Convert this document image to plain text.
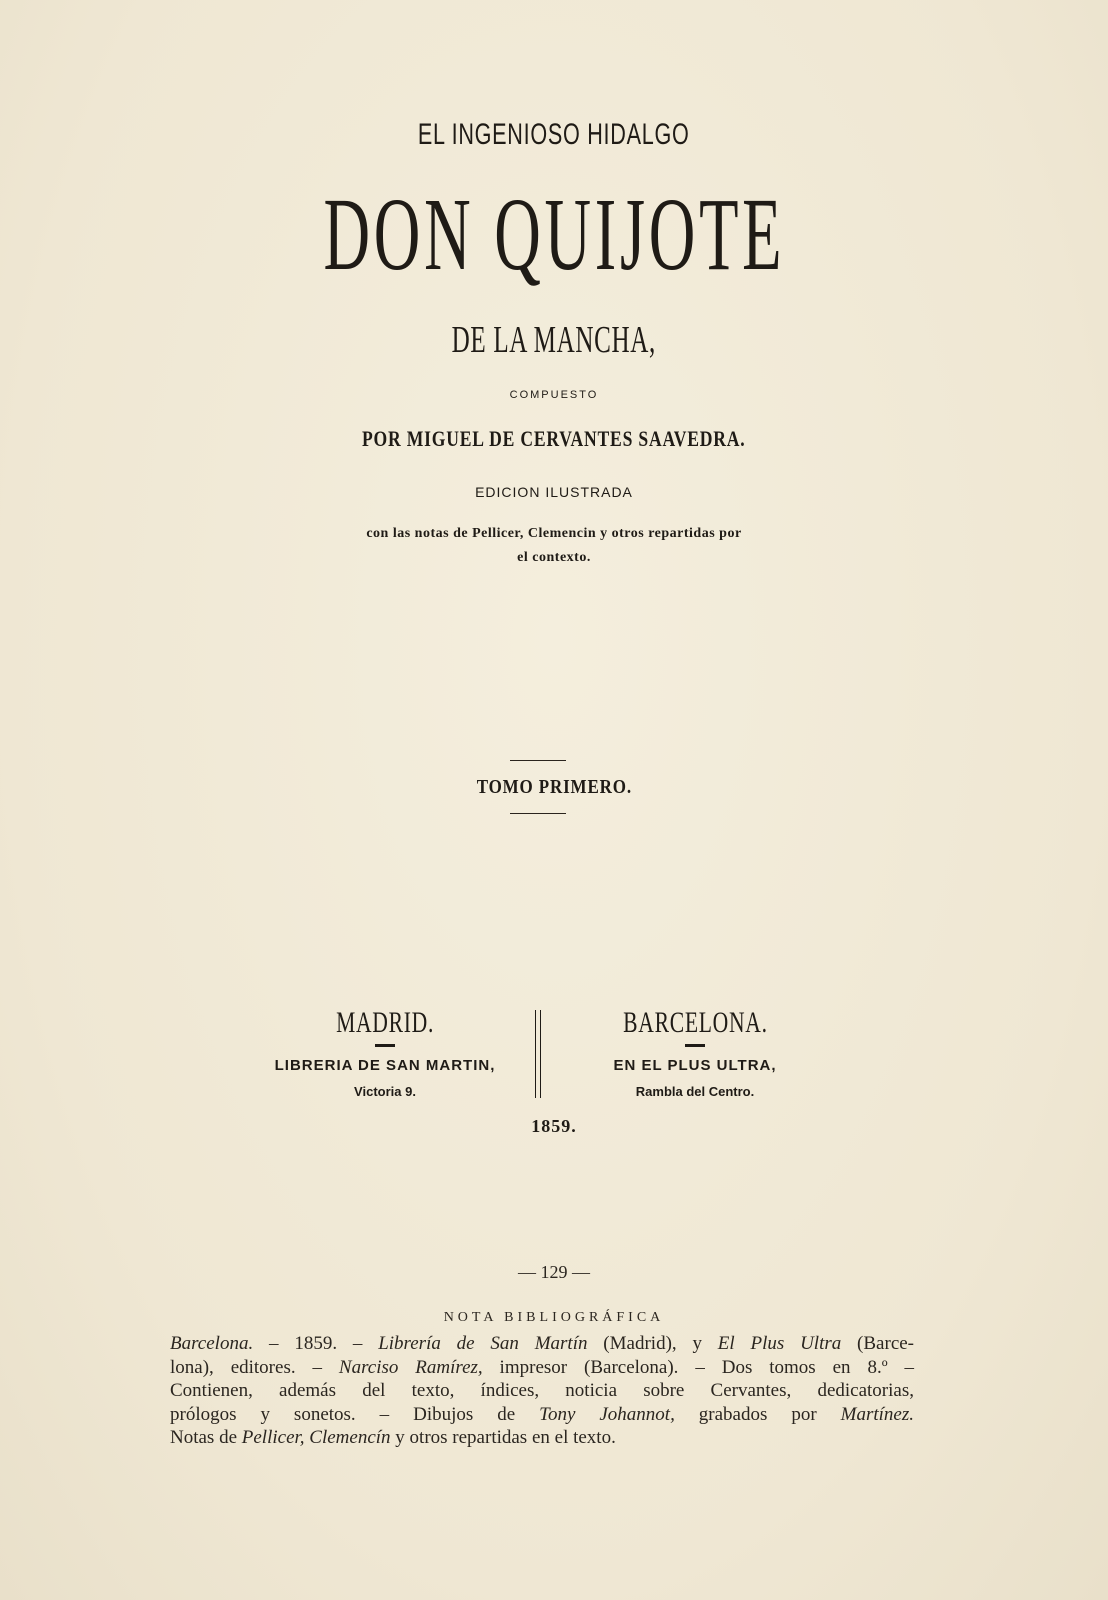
EL INGENIOSO HIDALGO
DON QUIJOTE
DE LA MANCHA,
COMPUESTO
POR MIGUEL DE CERVANTES SAAVEDRA.
EDICION ILUSTRADA
con las notas de Pellicer, Clemencin y otros repartidas por
el contexto.
TOMO PRIMERO.
MADRID.
LIBRERIA DE SAN MARTIN,
Victoria 9.
BARCELONA.
EN EL PLUS ULTRA,
Rambla del Centro.
1859.
— 129 —
NOTA BIBLIOGRÁFICA
Barcelona. – 1859. – Librería de San Martín (Madrid), y El Plus Ultra (Barce-
lona), editores. – Narciso Ramírez, impresor (Barcelona). – Dos tomos en 8.º –
Contienen, además del texto, índices, noticia sobre Cervantes, dedicatorias,
prólogos y sonetos. – Dibujos de Tony Johannot, grabados por Martínez.
Notas de Pellicer, Clemencín y otros repartidas en el texto.
